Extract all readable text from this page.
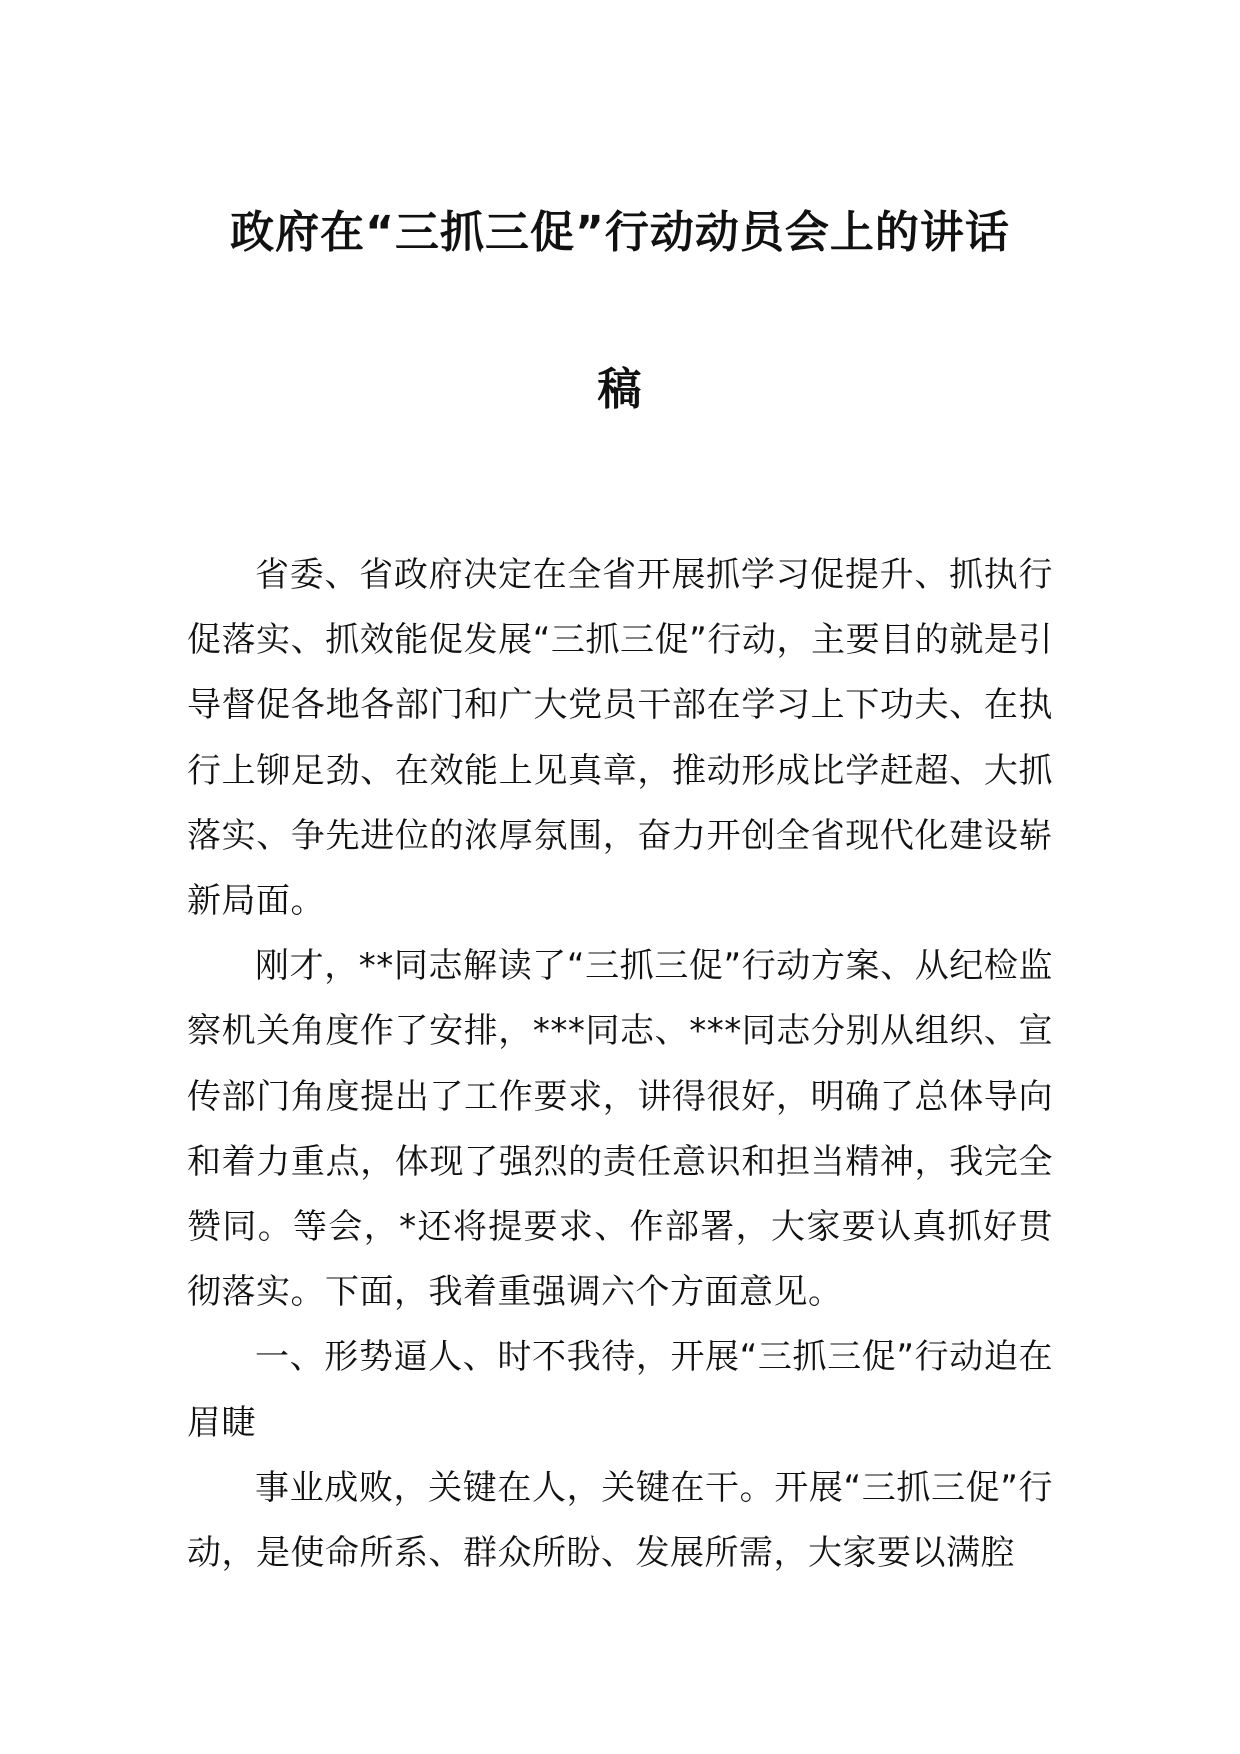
政府在“三抓三促”行动动员会上的讲话
稿

省委、省政府决定在全省开展抓学习促提升、抓执行促落实、抓效能促发展“三抓三促”行动，主要目的就是引导督促各地各部门和广大党员干部在学习上下功夫、在执行上铆足劲、在效能上见真章，推动形成比学赶超、大抓落实、争先进位的浓厚氛围，奋力开创全省现代化建设崭新局面。

刚才，**同志解读了“三抓三促”行动方案、从纪检监察机关角度作了安排，***同志、***同志分别从组织、宣传部门角度提出了工作要求，讲得很好，明确了总体导向和着力重点，体现了强烈的责任意识和担当精神，我完全赞同。等会，*还将提要求、作部署，大家要认真抓好贯彻落实。下面，我着重强调六个方面意见。

一、形势逼人、时不我待，开展“三抓三促”行动迫在眉睫

事业成败，关键在人，关键在干。开展“三抓三促”行动，是使命所系、群众所盼、发展所需，大家要以满腔
